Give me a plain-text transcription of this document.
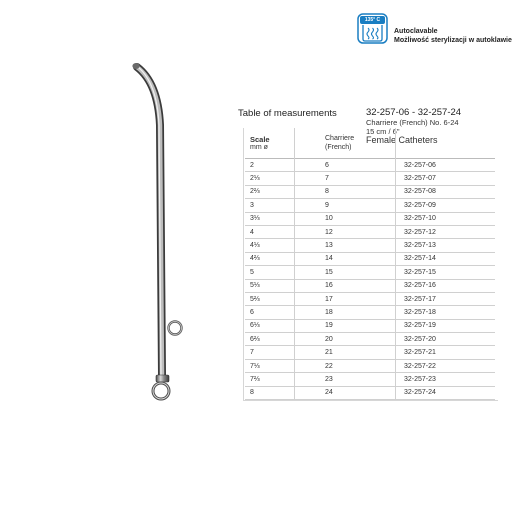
135° C
Autoclavable
Możliwość sterylizacji w autoklawie
Table of measurements	32-257-06 - 32-257-24
Charriere (French) No. 6-24
15 cm / 6"
Female Catheters
Scale
mm ø	Charriere
(French)	

2	6	32-257-06
2⅓	7	32-257-07
2⅔	8	32-257-08
3	9	32-257-09
3⅓	10	32-257-10
4	12	32-257-12
4⅓	13	32-257-13
4⅔	14	32-257-14
5	15	32-257-15
5⅓	16	32-257-16
5⅔	17	32-257-17
6	18	32-257-18
6⅓	19	32-257-19
6⅔	20	32-257-20
7	21	32-257-21
7⅓	22	32-257-22
7⅔	23	32-257-23
8	24	32-257-24
